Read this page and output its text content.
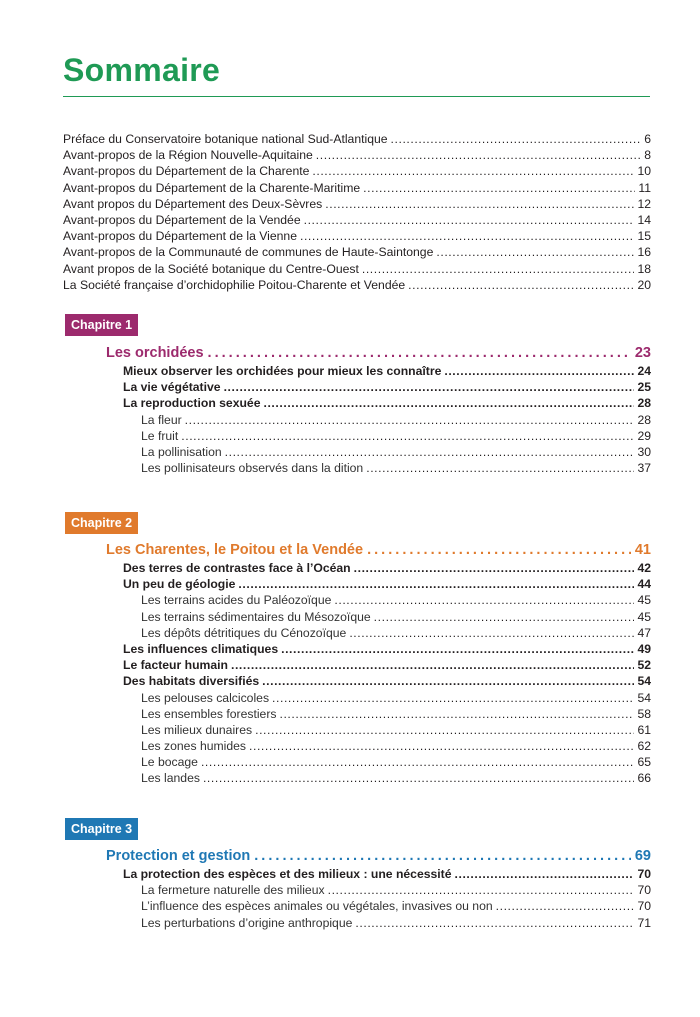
Sommaire
Préface du Conservatoire botanique national Sud-Atlantique . . .	6
Avant-propos de la Région Nouvelle-Aquitaine . . .	8
Avant-propos du Département de la Charente . . .	10
Avant-propos du Département de la Charente-Maritime . . .	11
Avant propos du Département des Deux-Sèvres . . .	12
Avant-propos du Département de la Vendée . . .	14
Avant-propos du Département de la Vienne . . .	15
Avant-propos de la Communauté de communes de Haute-Saintonge . . .	16
Avant propos de la Société botanique du Centre-Ouest . . .	18
La Société française d’orchidophilie Poitou-Charente et Vendée . . .	20
Chapitre 1
Les orchidées . . .	23
Mieux observer les orchidées pour mieux les connaître . . .	24
La vie végétative . . .	25
La reproduction sexuée . . .	28
La fleur . . .	28
Le fruit . . .	29
La pollinisation . . .	30
Les pollinisateurs observés dans la dition . . .	37
Chapitre 2
Les Charentes, le Poitou et la Vendée . . .	41
Des terres de contrastes face à l’Océan . . .	42
Un peu de géologie . . .	44
Les terrains acides du Paléozoïque . . .	45
Les terrains sédimentaires du Mésozoïque . . .	45
Les dépôts détritiques du Cénozoïque . . .	47
Les influences climatiques . . .	49
Le facteur humain . . .	52
Des habitats diversifiés . . .	54
Les pelouses calcicoles . . .	54
Les ensembles forestiers . . .	58
Les milieux dunaires . . .	61
Les zones humides . . .	62
Le bocage . . .	65
Les landes . . .	66
Chapitre 3
Protection et gestion . . .	69
La protection des espèces et des milieux : une nécessité . . .	70
La fermeture naturelle des milieux . . .	70
L’influence des espèces animales ou végétales, invasives ou non . . .	70
Les perturbations d’origine anthropique . . .	71
